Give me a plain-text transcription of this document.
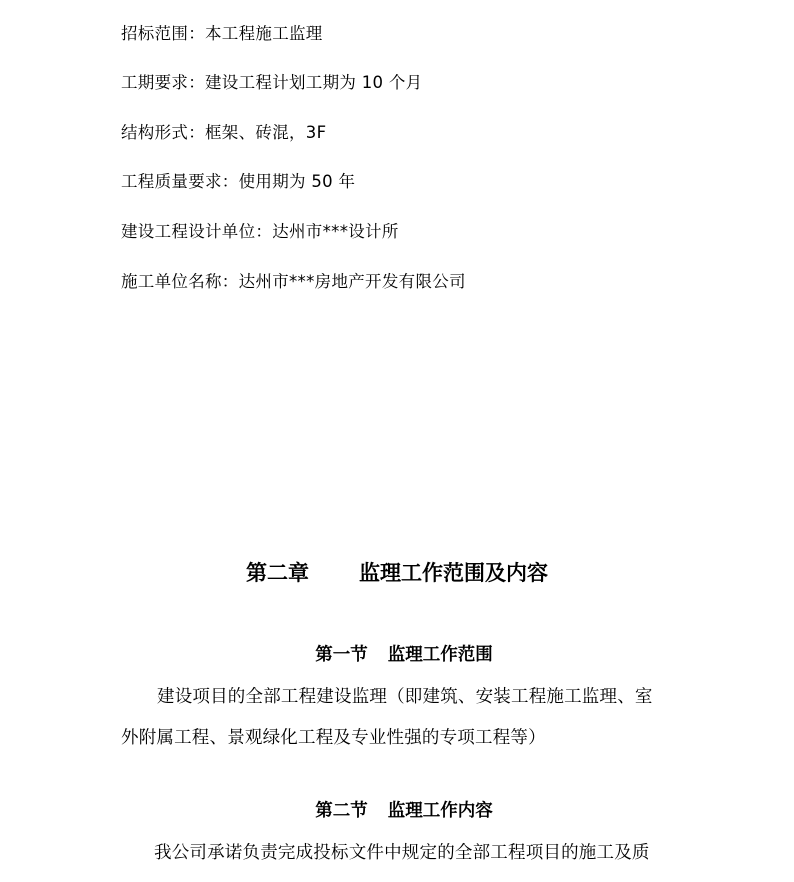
招标范围：本工程施工监理
工期要求：建设工程计划工期为 10 个月
结构形式：框架、砖混，3F
工程质量要求：使用期为 50 年
建设工程设计单位：达州市***设计所
施工单位名称：达州市***房地产开发有限公司
第二章 监理工作范围及内容
第一节 监理工作范围
建设项目的全部工程建设监理（即建筑、安装工程施工监理、室
外附属工程、景观绿化工程及专业性强的专项工程等）
第二节 监理工作内容
我公司承诺负责完成投标文件中规定的全部工程项目的施工及质
